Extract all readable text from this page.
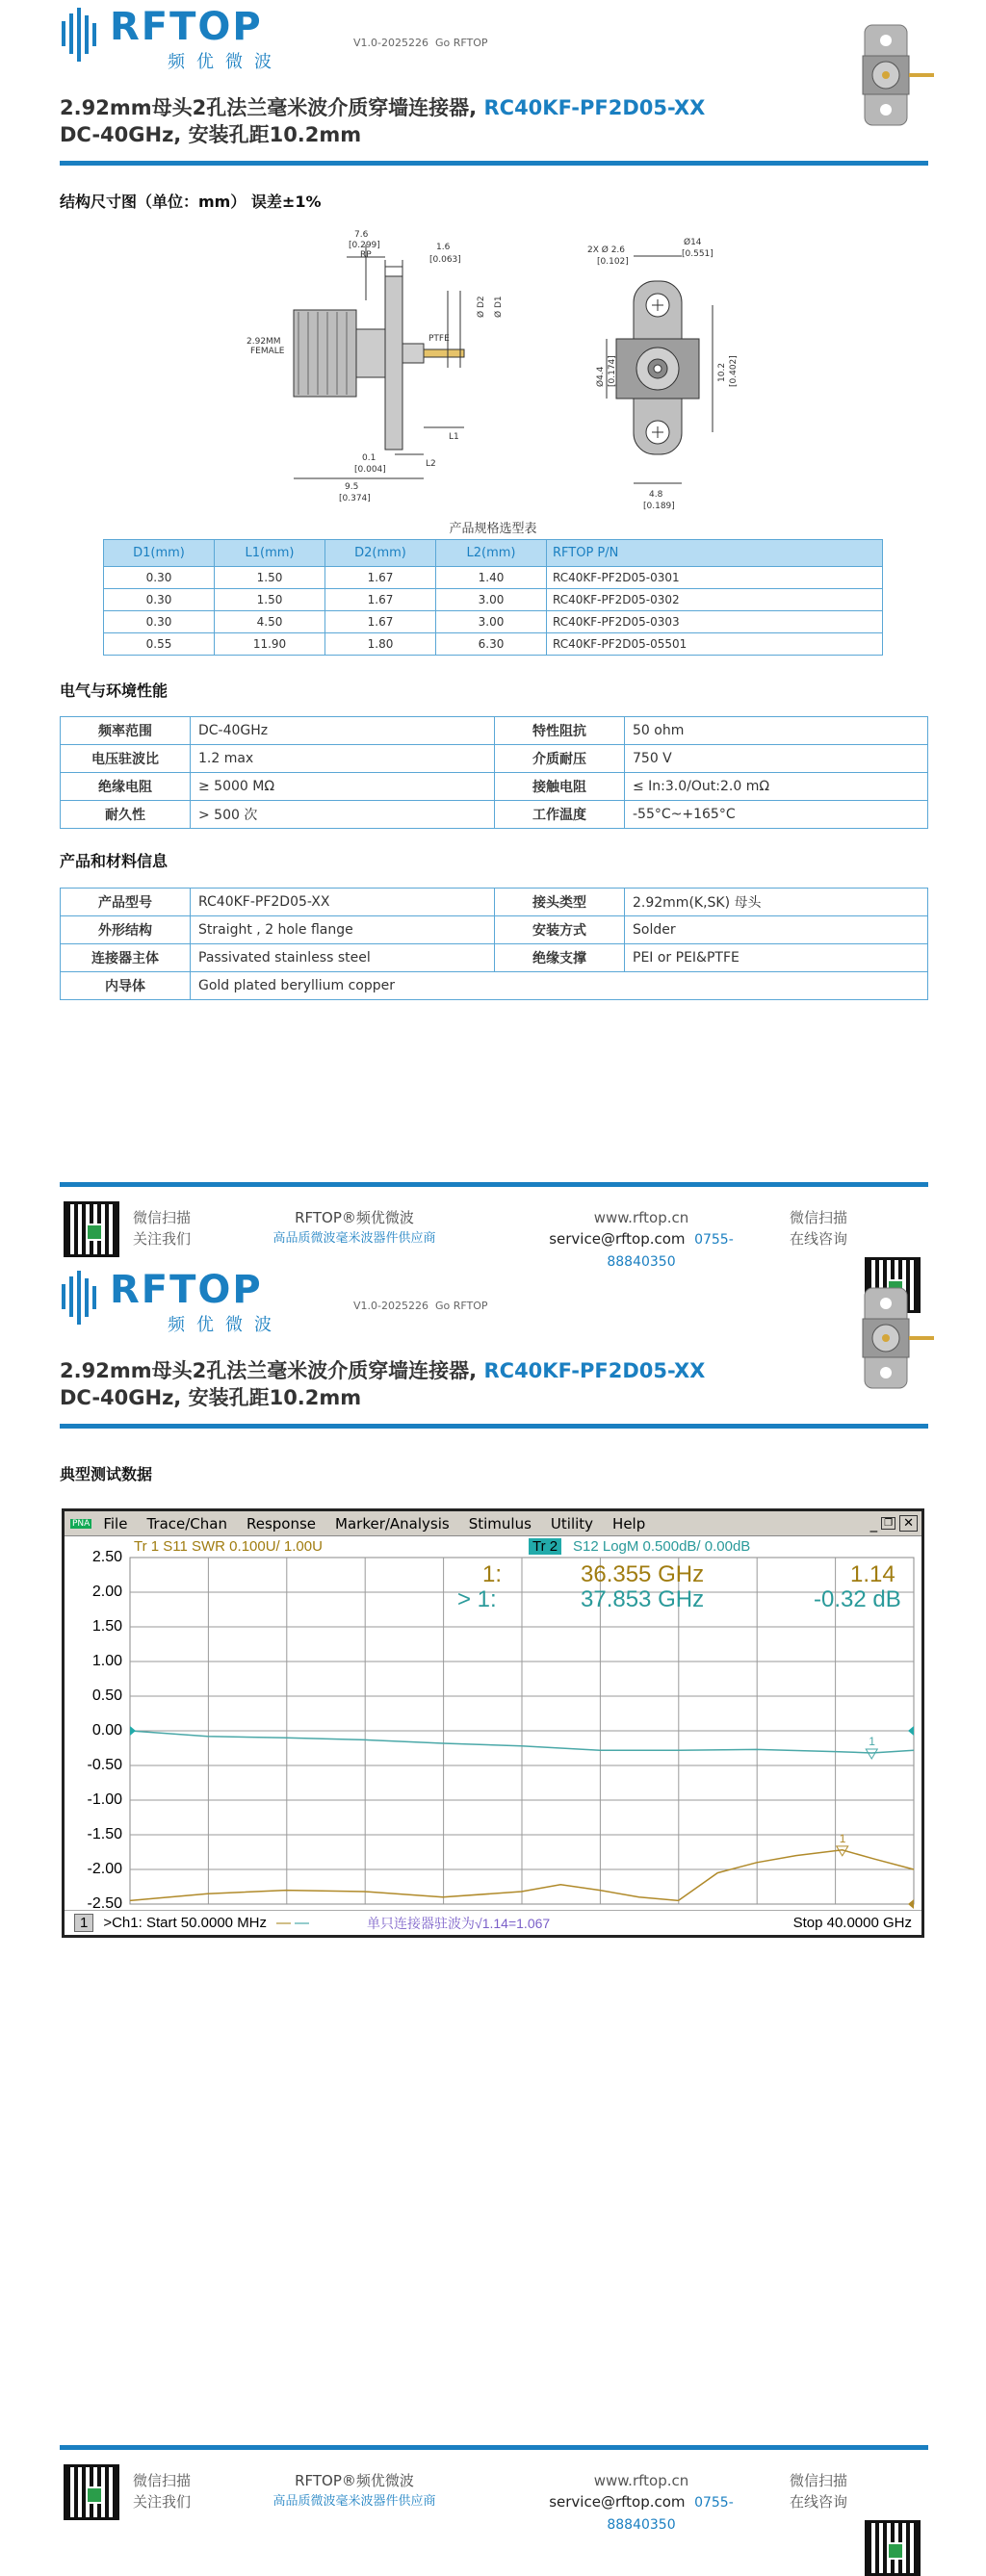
RFTOP
频优微波
V1.0-2025226 Go RFTOP
2.92mm母头2孔法兰毫米波介质穿墙连接器, RC40KF-PF2D05-XX
DC-40GHz, 安装孔距10.2mm
结构尺寸图（单位：mm） 误差±1%
7.6
[0.299]
RP
1.6
[0.063]
PTFE
Ø D2 Ø D1
2.92MM
FEMALE
L1
L2
0.1
[0.004]
9.5
[0.374]
2X Ø 2.6
[0.102]
Ø14
[0.551]
Ø4.4 [0.174]	10.2 [0.402]
4.8
[0.189]
产品规格选型表
D1(mm)	L1(mm)	D2(mm)	L2(mm)	RFTOP P/N
0.30	1.50	1.67	1.40	RC40KF-PF2D05-0301
0.30	1.50	1.67	3.00	RC40KF-PF2D05-0302
0.30	4.50	1.67	3.00	RC40KF-PF2D05-0303
0.55	11.90	1.80	6.30	RC40KF-PF2D05-05501
电气与环境性能
频率范围	DC-40GHz	特性阻抗	50 ohm
电压驻波比	1.2 max	介质耐压	750 V
绝缘电阻	≥ 5000 MΩ	接触电阻	≤ In:3.0/Out:2.0 mΩ
耐久性	> 500 次	工作温度	-55°C~+165°C
产品和材料信息
产品型号	RC40KF-PF2D05-XX	接头类型	2.92mm(K,SK) 母头
外形结构	Straight , 2 hole flange	安装方式	Solder
连接器主体	Passivated stainless steel	绝缘支撑	PEI or PEI&PTFE
内导体	Gold plated beryllium copper		
微信扫描
关注我们
RFTOP®频优微波
高品质微波毫米波器件供应商
www.rftop.cn
service@rftop.com 0755-88840350
微信扫描
在线咨询
RFTOP
频优微波
V1.0-2025226 Go RFTOP
2.92mm母头2孔法兰毫米波介质穿墙连接器, RC40KF-PF2D05-XX
DC-40GHz, 安装孔距10.2mm
典型测试数据
PNA File Trace/Chan Response Marker/Analysis Stimulus Utility Help	_ ❐ ✕
Tr 1 S11 SWR 0.100U/ 1.00U	Tr 2 S12 LogM 0.500dB/ 0.00dB
2.50
2.00
1.50
1.00
0.50
0.00
-0.50
-1.00
-1.50
-2.00
-2.50
1
1
1:	36.355 GHz	1.14
> 1:	37.853 GHz	-0.32 dB
1	>Ch1: Start 50.0000 MHz — —	单只连接器驻波为√1.14=1.067	Stop 40.0000 GHz
微信扫描
关注我们
RFTOP®频优微波
高品质微波毫米波器件供应商
www.rftop.cn
service@rftop.com 0755-88840350
微信扫描
在线咨询
